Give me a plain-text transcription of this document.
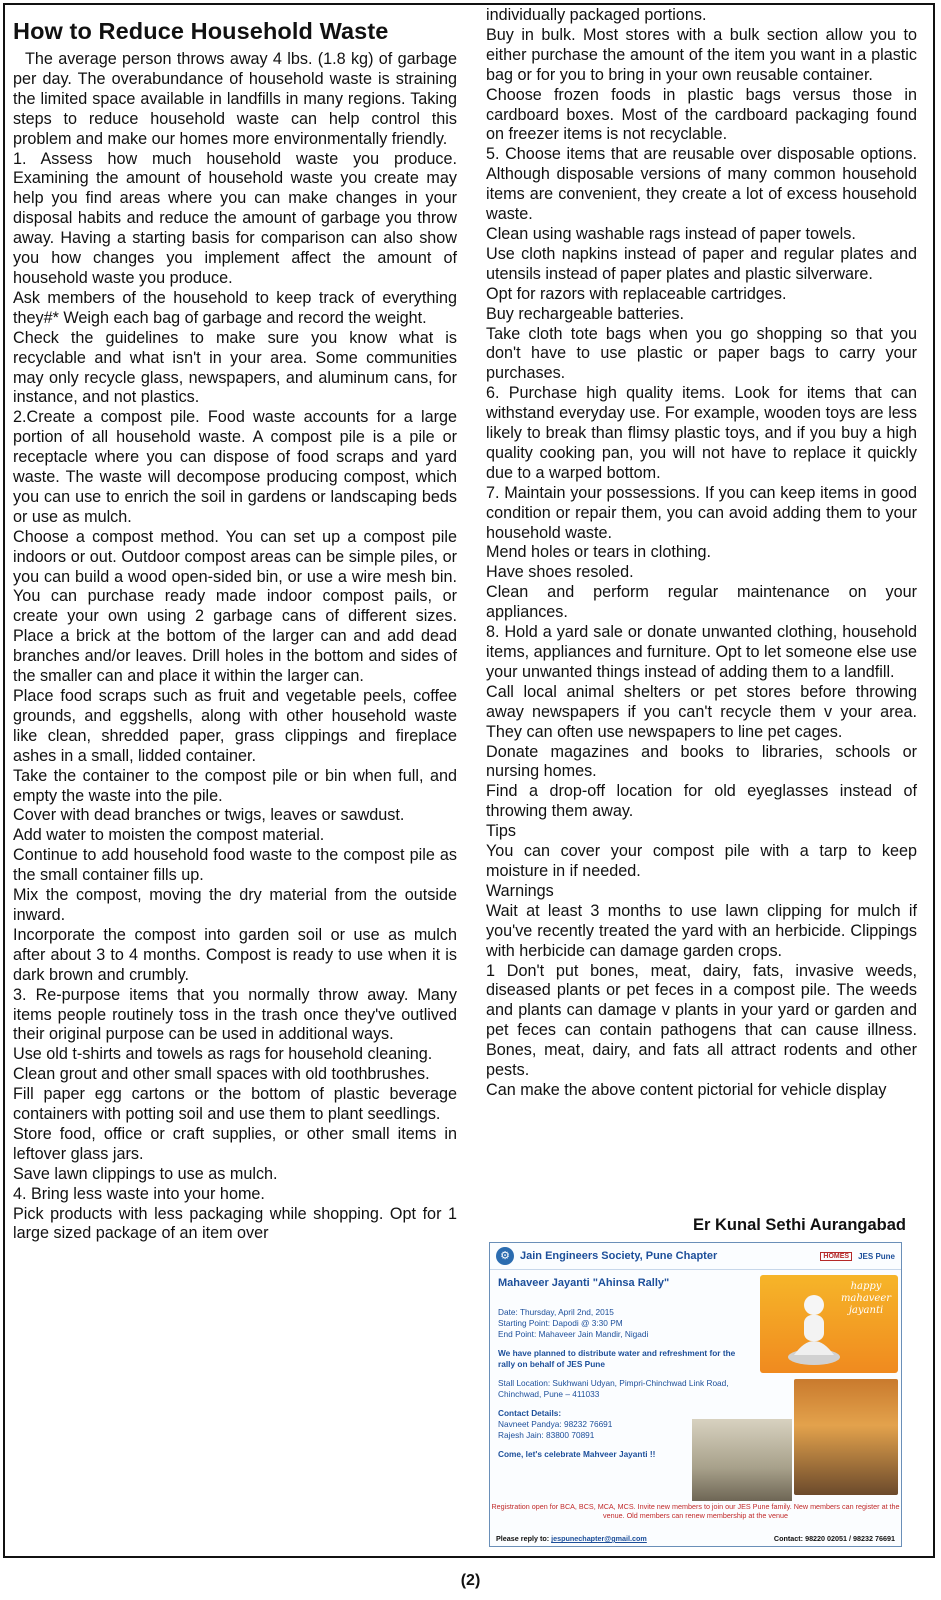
How to Reduce Household Waste

The average person throws away 4 lbs. (1.8 kg) of garbage per day. The overabundance of household waste is straining the limited space available in landfills in many regions. Taking steps to reduce household waste can help control this problem and make our homes more environmentally friendly.

1. Assess how much household waste you produce. Examining the amount of household waste you create may help you find areas where you can make changes in your disposal habits and reduce the amount of garbage you throw away. Having a starting basis for comparison can also show you how changes you implement affect the amount of household waste you produce.

Ask members of the household to keep track of everything they#* Weigh each bag of garbage and record the weight.

Check the guidelines to make sure you know what is recyclable and what isn't in your area. Some communities may only recycle glass, newspapers, and aluminum cans, for instance, and not plastics.

2.Create a compost pile. Food waste accounts for a large portion of all household waste. A compost pile is a pile or receptacle where you can dispose of food scraps and yard waste. The waste will decompose producing compost, which you can use to enrich the soil in gardens or landscaping beds or use as mulch.

Choose a compost method. You can set up a compost pile indoors or out. Outdoor compost areas can be simple piles, or you can build a wood open-sided bin, or use a wire mesh bin. You can purchase ready made indoor compost pails, or create your own using 2 garbage cans of different sizes. Place a brick at the bottom of the larger can and add dead branches and/or leaves. Drill holes in the bottom and sides of the smaller can and place it within the larger can.

Place food scraps such as fruit and vegetable peels, coffee grounds, and eggshells, along with other household waste like clean, shredded paper, grass clippings and fireplace ashes in a small, lidded container.

Take the container to the compost pile or bin when full, and empty the waste into the pile.

Cover with dead branches or twigs, leaves or sawdust.

Add water to moisten the compost material.

Continue to add household food waste to the compost pile as the small container fills up.

Mix the compost, moving the dry material from the outside inward.

Incorporate the compost into garden soil or use as mulch after about 3 to 4 months. Compost is ready to use when it is dark brown and crumbly.

3. Re-purpose items that you normally throw away. Many items people routinely toss in the trash once they've outlived their original purpose can be used in additional ways.

Use old t-shirts and towels as rags for household cleaning.

Clean grout and other small spaces with old toothbrushes.

Fill paper egg cartons or the bottom of plastic beverage containers with potting soil and use them to plant seedlings.

Store food, office or craft supplies, or other small items in leftover glass jars.

Save lawn clippings to use as mulch.

4. Bring less waste into your home.

Pick products with less packaging while shopping. Opt for 1 large sized package of an item over

individually packaged portions.

Buy in bulk. Most stores with a bulk section allow you to either purchase the amount of the item you want in a plastic bag or for you to bring in your own reusable container.

Choose frozen foods in plastic bags versus those in cardboard boxes. Most of the cardboard packaging found on freezer items is not recyclable.

5. Choose items that are reusable over disposable options. Although disposable versions of many common household items are convenient, they create a lot of excess household waste.

Clean using washable rags instead of paper towels.

Use cloth napkins instead of paper and regular plates and utensils instead of paper plates and plastic silverware.

Opt for razors with replaceable cartridges.

Buy rechargeable batteries.

Take cloth tote bags when you go shopping so that you don't have to use plastic or paper bags to carry your purchases.

6. Purchase high quality items. Look for items that can withstand everyday use. For example, wooden toys are less likely to break than flimsy plastic toys, and if you buy a high quality cooking pan, you will not have to replace it quickly due to a warped bottom.

7. Maintain your possessions. If you can keep items in good condition or repair them, you can avoid adding them to your household waste.

Mend holes or tears in clothing.

Have shoes resoled.

Clean and perform regular maintenance on your appliances.

8. Hold a yard sale or donate unwanted clothing, household items, appliances and furniture. Opt to let someone else use your unwanted things instead of adding them to a landfill.

Call local animal shelters or pet stores before throwing away newspapers if you can't recycle them v your area. They can often use newspapers to line pet cages.

Donate magazines and books to libraries, schools or nursing homes.

Find a drop-off location for old eyeglasses instead of throwing them away.

Tips

You can cover your compost pile with a tarp to keep moisture in if needed.

Warnings

Wait at least 3 months to use lawn clipping for mulch if you've recently treated the yard with an herbicide. Clippings with herbicide can damage garden crops.

1 Don't put bones, meat, dairy, fats, invasive weeds, diseased plants or pet feces in a compost pile. The weeds and plants can damage v plants in your yard or garden and pet feces can contain pathogens that can cause illness. Bones, meat, dairy, and fats all attract rodents and other pests.

Can make the above content pictorial for vehicle display

Er Kunal Sethi Aurangabad
⚙ Jain Engineers Society, Pune Chapter	HOMES	JES Pune
Mahaveer Jayanti "Ahinsa Rally"

Date: Thursday, April 2nd, 2015

Starting Point: Dapodi @ 3:30 PM

End Point: Mahaveer Jain Mandir, Nigadi

We have planned to distribute water and refreshment for the rally on behalf of JES Pune

Stall Location: Sukhwani Udyan, Pimpri-Chinchwad Link Road, Chinchwad, Pune – 411033

Contact Details:

Navneet Pandya: 98232 76691

Rajesh Jain: 83800 70891

Come, let's celebrate Mahveer Jayanti !!

happy mahaveer jayanti
Registration open for BCA, BCS, MCA, MCS. Invite new members to join our JES Pune family. New members can register at the venue. Old members can renew membership at the venue
Please reply to: jespunechapter@gmail.com	Contact: 98220 02051 / 98232 76691
(2)
